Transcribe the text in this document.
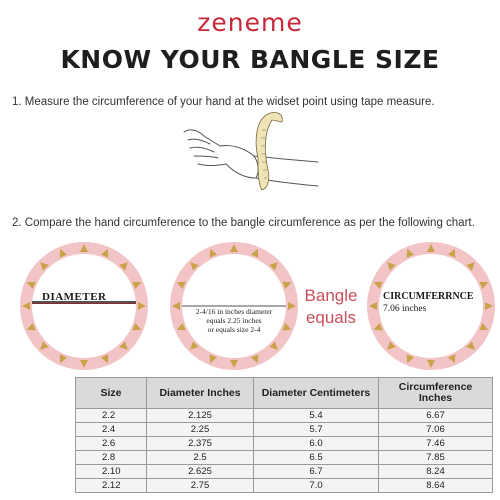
zeneme
KNOW YOUR BANGLE SIZE
1. Measure the circumference of your hand at the widset point using tape measure.
2. Compare the hand circumference to the bangle circumference as per the following chart.
DIAMETER
2-4/16 in inches diameter
equals 2.25 inches
or equals size 2-4
Bangle
equals
CIRCUMFERRNCE
7.06 inches
Size	Diameter Inches	Diameter Centimeters	Circumference Inches
2.2	2.125	5.4	6.67
2.4	2.25	5.7	7.06
2.6	2.375	6.0	7.46
2.8	2.5	6.5	7.85
2.10	2.625	6.7	8.24
2.12	2.75	7.0	8.64
